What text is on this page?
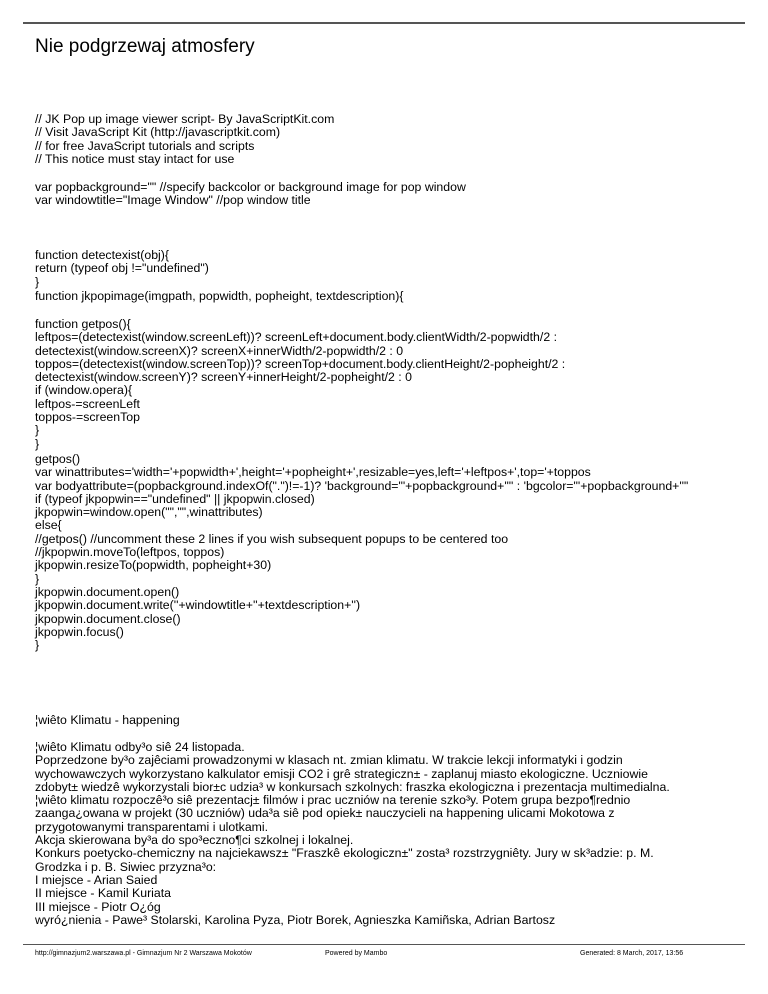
Nie podgrzewaj atmosfery
// JK Pop up image viewer script- By JavaScriptKit.com
// Visit JavaScript Kit (http://javascriptkit.com)
// for free JavaScript tutorials and scripts
// This notice must stay intact for use
var popbackground="" //specify backcolor or background image for pop window
var windowtitle="Image Window" //pop window title
function detectexist(obj){
return (typeof obj !="undefined")
}
function jkpopimage(imgpath, popwidth, popheight, textdescription){
function getpos(){
leftpos=(detectexist(window.screenLeft))? screenLeft+document.body.clientWidth/2-popwidth/2 :
detectexist(window.screenX)? screenX+innerWidth/2-popwidth/2 : 0
toppos=(detectexist(window.screenTop))? screenTop+document.body.clientHeight/2-popheight/2 :
detectexist(window.screenY)? screenY+innerHeight/2-popheight/2 : 0
if (window.opera){
leftpos-=screenLeft
toppos-=screenTop
}
}
getpos()
var winattributes='width='+popwidth+',height='+popheight+',resizable=yes,left='+leftpos+',top='+toppos
var bodyattribute=(popbackground.indexOf(".")!=-1)? 'background="'+popbackground+'"' : 'bgcolor="'+popbackground+'"'
if (typeof jkpopwin=="undefined" || jkpopwin.closed)
jkpopwin=window.open("","",winattributes)
else{
//getpos() //uncomment these 2 lines if you wish subsequent popups to be centered too
//jkpopwin.moveTo(leftpos, toppos)
jkpopwin.resizeTo(popwidth, popheight+30)
}
jkpopwin.document.open()
jkpopwin.document.write(''+windowtitle+''+textdescription+'')
jkpopwin.document.close()
jkpopwin.focus()
}
¦wiêto Klimatu - happening
¦wiêto Klimatu odby³o siê 24 listopada.
Poprzedzone by³o zajêciami prowadzonymi w klasach nt. zmian klimatu. W trakcie lekcji informatyki i godzin
wychowawczych wykorzystano kalkulator emisji CO2 i grê strategiczn± - zaplanuj miasto ekologiczne. Uczniowie
zdobyt± wiedzê wykorzystali bior±c udzia³ w konkursach szkolnych: fraszka ekologiczna i prezentacja multimedialna.
¦wiêto klimatu rozpoczê³o siê prezentacj± filmów i prac uczniów na terenie szko³y. Potem grupa bezpo¶rednio
zaanga¿owana w projekt (30 uczniów) uda³a siê pod opiek± nauczycieli na happening ulicami Mokotowa z
przygotowanymi transparentami i ulotkami.
Akcja skierowana by³a do spo³eczno¶ci szkolnej i lokalnej.
Konkurs poetycko-chemiczny na najciekawsz± "Fraszkê ekologiczn±" zosta³ rozstrzygniêty. Jury w sk³adzie: p. M.
Grodzka i p. B. Siwiec przyzna³o:
I miejsce - Arian Saied
II miejsce - Kamil Kuriata
III miejsce - Piotr O¿óg
wyró¿nienia - Pawe³ Stolarski, Karolina Pyza, Piotr Borek, Agnieszka Kamiñska, Adrian Bartosz
http://gimnazjum2.warszawa.pl - Gimnazjum Nr 2 Warszawa Mokotów	Powered by Mambo	Generated: 8 March, 2017, 13:56
